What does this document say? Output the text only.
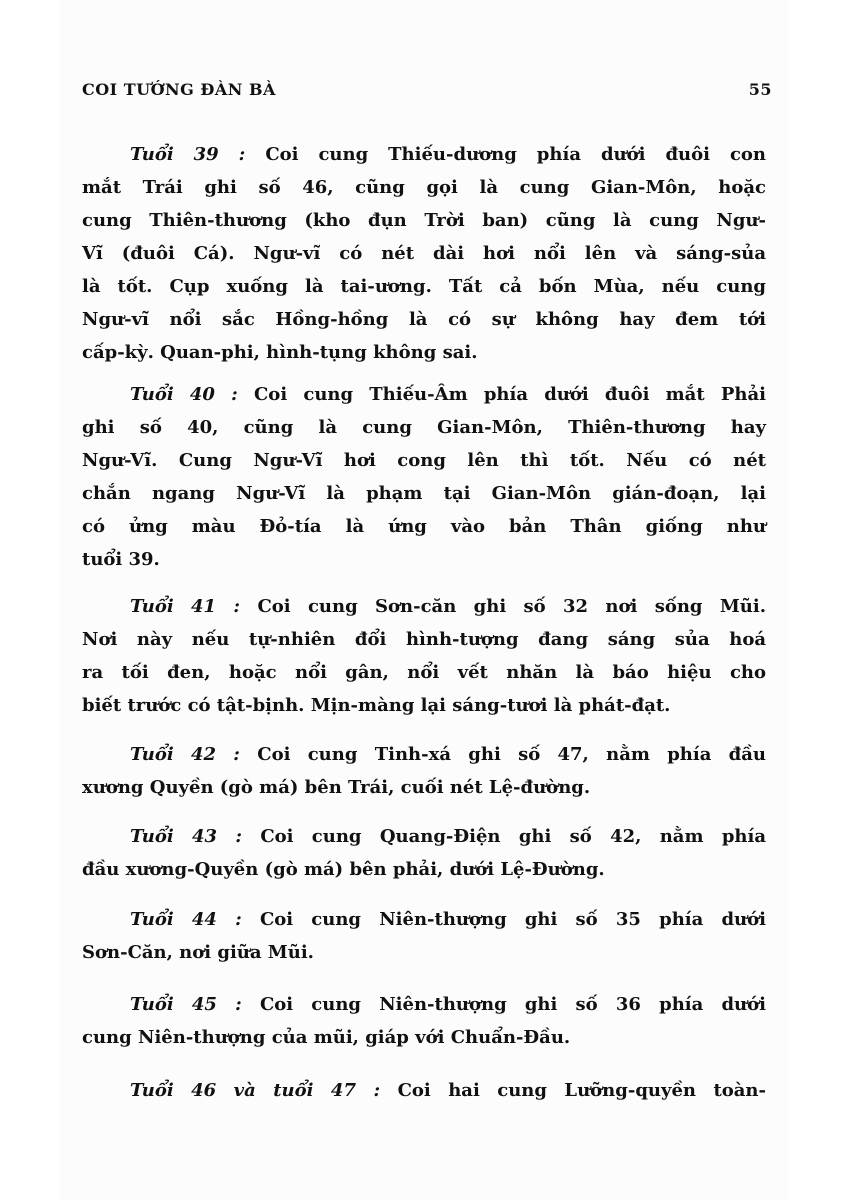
COI TƯỚNG ĐÀN BÀ	55
Tuổi 39 : Coi cung Thiếu-dương phía dưới đuôi con
mắt Trái ghi số 46, cũng gọi là cung Gian-Môn, hoặc
cung Thiên-thương (kho đụn Trời ban) cũng là cung Ngư-
Vĩ (đuôi Cá). Ngư-vĩ có nét dài hơi nổi lên và sáng-sủa
là tốt. Cụp xuống là tai-ương. Tất cả bốn Mùa, nếu cung
Ngư-vĩ nổi sắc Hồng-hồng là có sự không hay đem tới
cấp-kỳ. Quan-phi, hình-tụng không sai.
Tuổi 40 : Coi cung Thiếu-Âm phía dưới đuôi mắt Phải
ghi số 40, cũng là cung Gian-Môn, Thiên-thương hay
Ngư-Vĩ. Cung Ngư-Vĩ hơi cong lên thì tốt. Nếu có nét
chắn ngang Ngư-Vĩ là phạm tại Gian-Môn gián-đoạn, lại
có ửng màu Đỏ-tía là ứng vào bản Thân giống như
tuổi 39.
Tuổi 41 : Coi cung Sơn-căn ghi số 32 nơi sống Mũi.
Nơi này nếu tự-nhiên đổi hình-tượng đang sáng sủa hoá
ra tối đen, hoặc nổi gân, nổi vết nhăn là báo hiệu cho
biết trước có tật-bịnh. Mịn-màng lại sáng-tươi là phát-đạt.
Tuổi 42 : Coi cung Tinh-xá ghi số 47, nằm phía đầu
xương Quyền (gò má) bên Trái, cuối nét Lệ-đường.
Tuổi 43 : Coi cung Quang-Điện ghi số 42, nằm phía
đầu xương-Quyền (gò má) bên phải, dưới Lệ-Đường.
Tuổi 44 : Coi cung Niên-thượng ghi số 35 phía dưới
Sơn-Căn, nơi giữa Mũi.
Tuổi 45 : Coi cung Niên-thượng ghi số 36 phía dưới
cung Niên-thượng của mũi, giáp với Chuẩn-Đầu.
Tuổi 46 và tuổi 47 : Coi hai cung Lưỡng-quyền toàn-
